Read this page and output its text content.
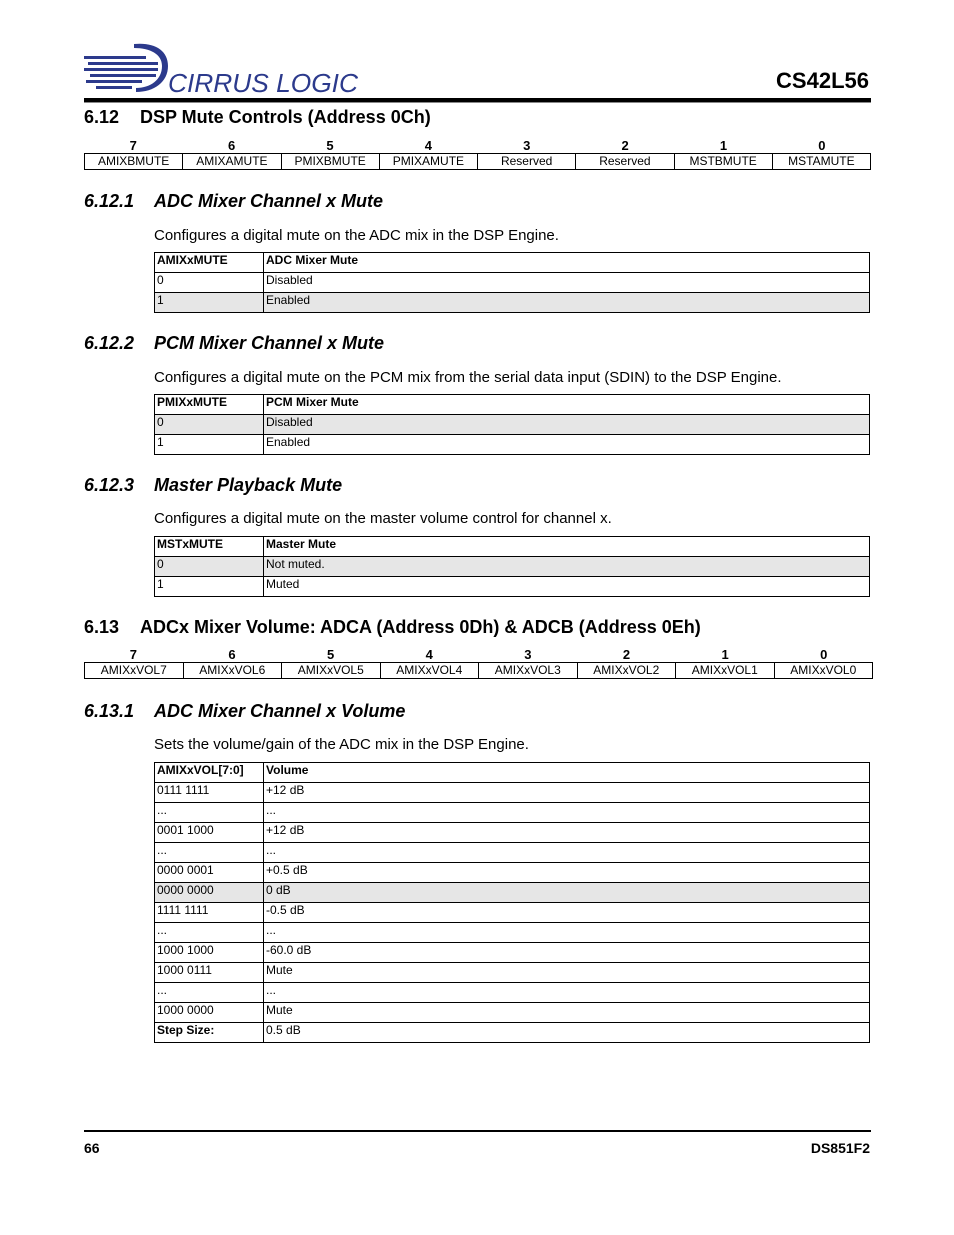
CIRRUS LOGIC	CS42L56
6.12 DSP Mute Controls (Address 0Ch)
7	6	5	4	3	2	1	0
AMIXBMUTE	AMIXAMUTE	PMIXBMUTE	PMIXAMUTE	Reserved	Reserved	MSTBMUTE	MSTAMUTE
6.12.1 ADC Mixer Channel x Mute
Configures a digital mute on the ADC mix in the DSP Engine.
AMIXxMUTE	ADC Mixer Mute
0	Disabled
1	Enabled
6.12.2 PCM Mixer Channel x Mute
Configures a digital mute on the PCM mix from the serial data input (SDIN) to the DSP Engine.
PMIXxMUTE	PCM Mixer Mute
0	Disabled
1	Enabled
6.12.3 Master Playback Mute
Configures a digital mute on the master volume control for channel x.
MSTxMUTE	Master Mute
0	Not muted.
1	Muted
6.13 ADCx Mixer Volume: ADCA (Address 0Dh) & ADCB (Address 0Eh)
7	6	5	4	3	2	1	0
AMIXxVOL7	AMIXxVOL6	AMIXxVOL5	AMIXxVOL4	AMIXxVOL3	AMIXxVOL2	AMIXxVOL1	AMIXxVOL0
6.13.1 ADC Mixer Channel x Volume
Sets the volume/gain of the ADC mix in the DSP Engine.
AMIXxVOL[7:0]	Volume
0111 1111	+12 dB
...	...
0001 1000	+12 dB
...	...
0000 0001	+0.5 dB
0000 0000	0 dB
1111 1111	-0.5 dB
...	...
1000 1000	-60.0 dB
1000 0111	Mute
...	...
1000 0000	Mute
Step Size:	0.5 dB
66	DS851F2
